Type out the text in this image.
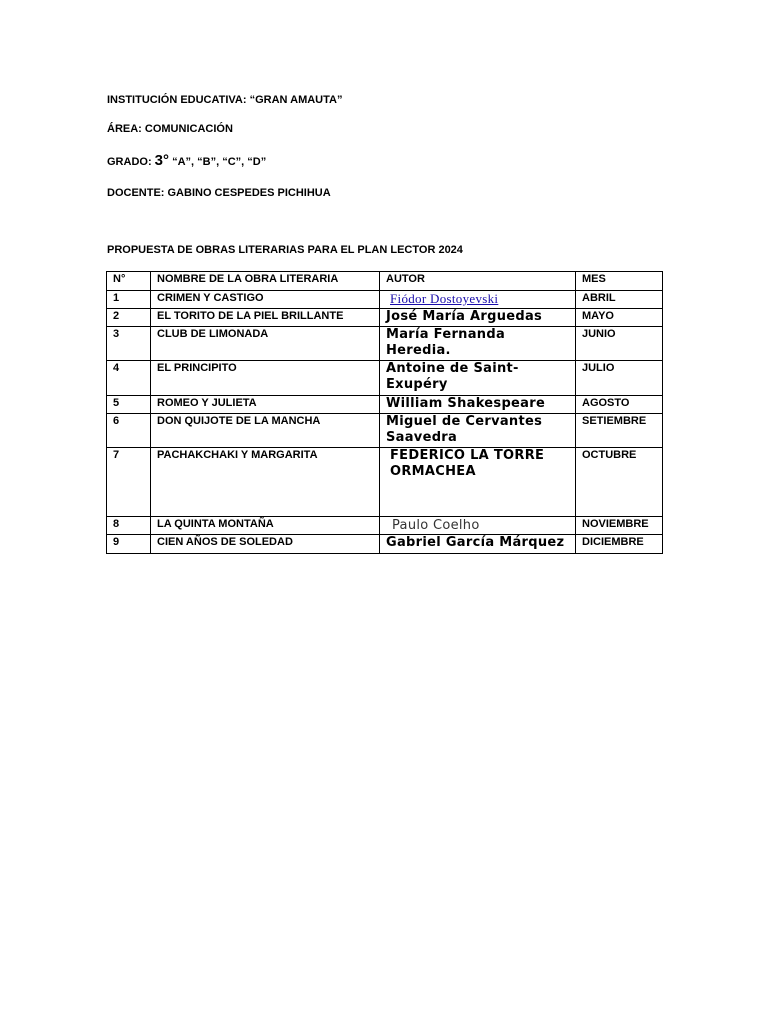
INSTITUCIÓN EDUCATIVA: “GRAN AMAUTA”

ÁREA: COMUNICACIÓN

GRADO: 3° “A”, “B”, “C”, “D”

DOCENTE: GABINO CESPEDES PICHIHUA

PROPUESTA DE OBRAS LITERARIAS PARA EL PLAN LECTOR 2024

N°	NOMBRE DE LA OBRA LITERARIA	AUTOR	MES
1	CRIMEN Y CASTIGO	Fiódor Dostoyevski	ABRIL
2	EL TORITO DE LA PIEL BRILLANTE	José María Arguedas	MAYO
3	CLUB DE LIMONADA	María Fernanda Heredia.	JUNIO
4	EL PRINCIPITO	Antoine de Saint-Exupéry	JULIO
5	ROMEO Y JULIETA	William Shakespeare	AGOSTO
6	DON QUIJOTE DE LA MANCHA	Miguel de Cervantes Saavedra	SETIEMBRE
7	PACHAKCHAKI Y MARGARITA	FEDERICO LA TORRE ORMACHEA	OCTUBRE
8	LA QUINTA MONTAÑA	Paulo Coelho	NOVIEMBRE
9	CIEN AÑOS DE SOLEDAD	Gabriel García Márquez	DICIEMBRE
